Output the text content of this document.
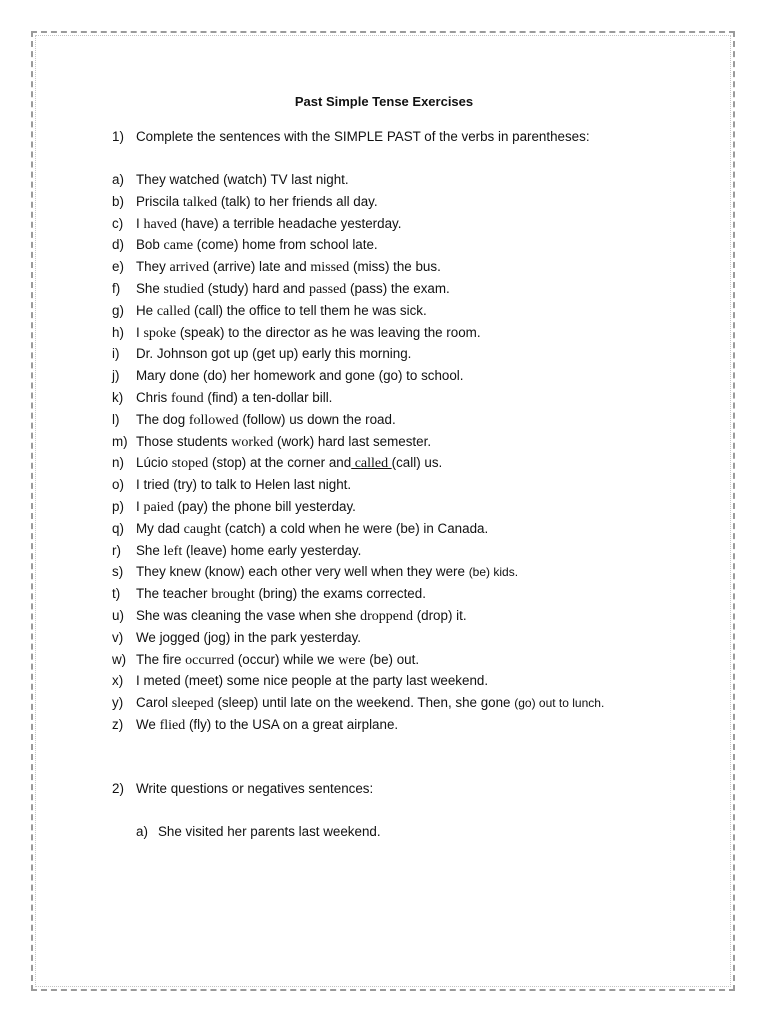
Past Simple Tense Exercises
1) Complete the sentences with the SIMPLE PAST of the verbs in parentheses:
a) They watched (watch) TV last night.
b) Priscila talked (talk) to her friends all day.
c) I haved (have) a terrible headache yesterday.
d) Bob came (come) home from school late.
e) They arrived (arrive) late and missed (miss) the bus.
f) She studied (study) hard and passed (pass) the exam.
g) He called (call) the office to tell them he was sick.
h) I spoke (speak) to the director as he was leaving the room.
i) Dr. Johnson got up (get up) early this morning.
j) Mary done (do) her homework and gone (go) to school.
k) Chris found (find) a ten-dollar bill.
l) The dog followed (follow) us down the road.
m) Those students worked (work) hard last semester.
n) Lúcio stoped (stop) at the corner and called (call) us.
o) I tried (try) to talk to Helen last night.
p) I paied (pay) the phone bill yesterday.
q) My dad caught (catch) a cold when he were (be) in Canada.
r) She left (leave) home early yesterday.
s) They knew (know) each other very well when they were (be) kids.
t) The teacher brought (bring) the exams corrected.
u) She was cleaning the vase when she droppend (drop) it.
v) We jogged (jog) in the park yesterday.
w) The fire occurred (occur) while we were (be) out.
x) I meted (meet) some nice people at the party last weekend.
y) Carol sleeped (sleep) until late on the weekend. Then, she gone (go) out to lunch.
z) We flied (fly) to the USA on a great airplane.
2) Write questions or negatives sentences:
a) She visited her parents last weekend.
